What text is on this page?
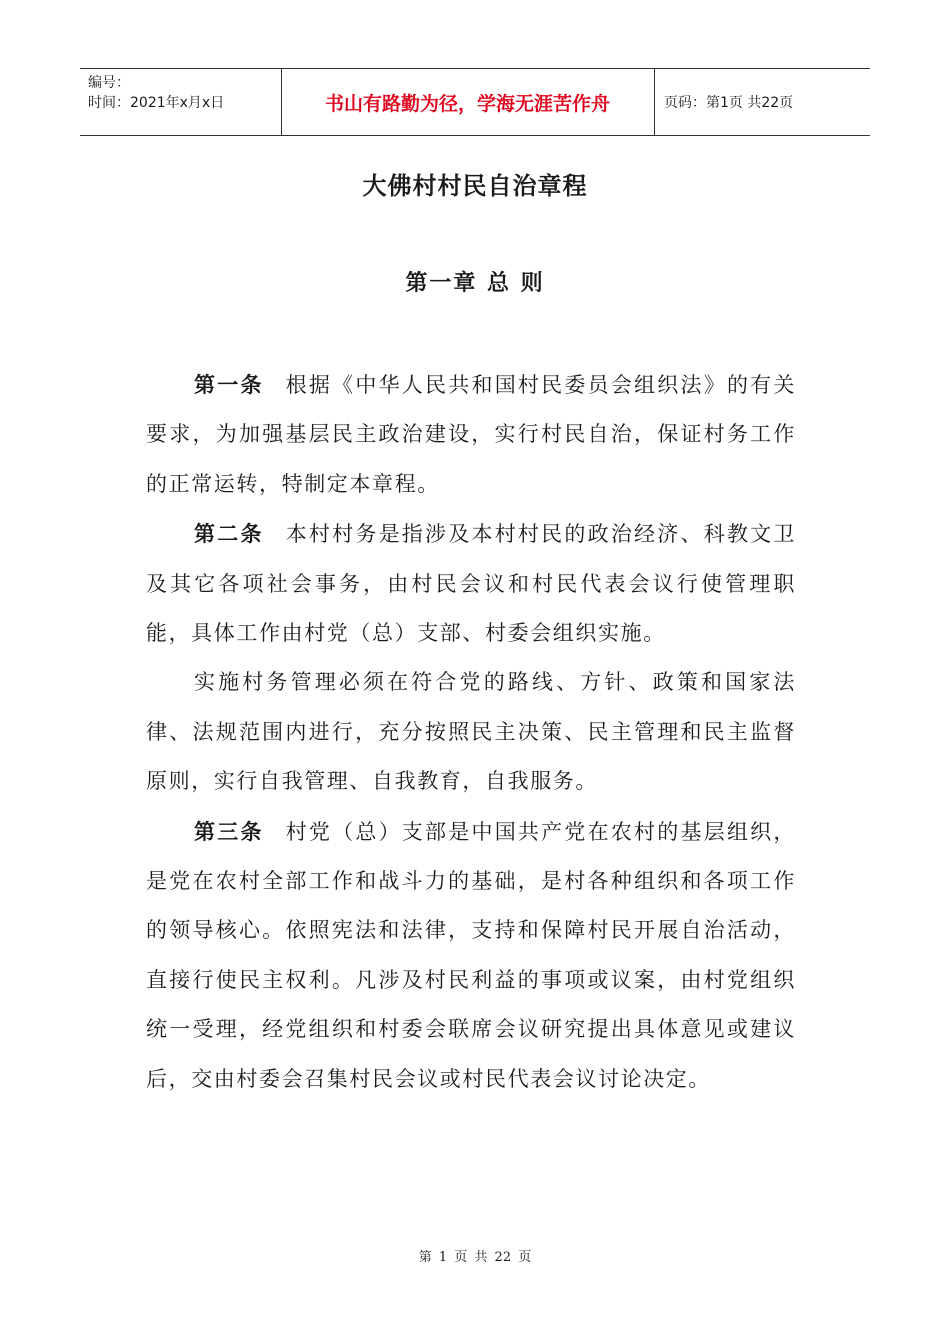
编号：
时间：2021年x月x日	书山有路勤为径，学海无涯苦作舟	页码：第1页 共22页
大佛村村民自治章程
第一章 总 则

第一条 根据《中华人民共和国村民委员会组织法》的有关要求，为加强基层民主政治建设，实行村民自治，保证村务工作的正常运转，特制定本章程。

第二条 本村村务是指涉及本村村民的政治经济、科教文卫及其它各项社会事务，由村民会议和村民代表会议行使管理职能，具体工作由村党（总）支部、村委会组织实施。

实施村务管理必须在符合党的路线、方针、政策和国家法律、法规范围内进行，充分按照民主决策、民主管理和民主监督原则，实行自我管理、自我教育，自我服务。

第三条 村党（总）支部是中国共产党在农村的基层组织，是党在农村全部工作和战斗力的基础，是村各种组织和各项工作的领导核心。依照宪法和法律，支持和保障村民开展自治活动，直接行使民主权利。凡涉及村民利益的事项或议案，由村党组织统一受理，经党组织和村委会联席会议研究提出具体意见或建议后，交由村委会召集村民会议或村民代表会议讨论决定。

第 1 页 共 22 页
